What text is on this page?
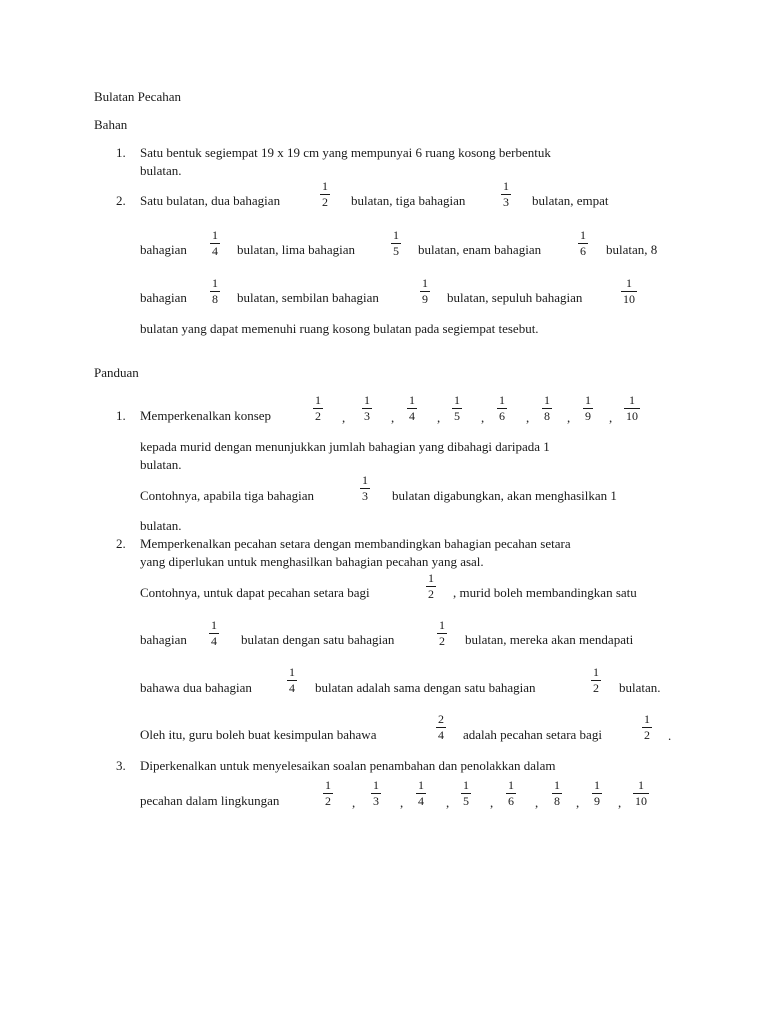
Bulatan Pecahan
Bahan
1. Satu bentuk segiempat 19 x 19 cm yang mempunyai 6 ruang kosong berbentuk
bulatan.
2. Satu bulatan, dua bahagian
1
2 bulatan, tiga bahagian
1
3 bulatan, empat
bahagian
1
4 bulatan, lima bahagian
1
5 bulatan, enam bahagian
1
6 bulatan, 8
bahagian
1
8 bulatan, sembilan bahagian
1
9 bulatan, sepuluh bahagian
1
10
bulatan yang dapat memenuhi ruang kosong bulatan pada segiempat tesebut.
Panduan
1. Memperkenalkan konsep
1
2 ,
1
3 ,
1
4 ,
1
5 ,
1
6 ,
1
8 ,
1
9 ,
1
10
kepada murid dengan menunjukkan jumlah bahagian yang dibahagi daripada 1
bulatan.
Contohnya, apabila tiga bahagian
1
3 bulatan digabungkan, akan menghasilkan 1
bulatan.
2. Memperkenalkan pecahan setara dengan membandingkan bahagian pecahan setara
yang diperlukan untuk menghasilkan bahagian pecahan yang asal.
Contohnya, untuk dapat pecahan setara bagi
1
2 , murid boleh membandingkan satu
bahagian
1
4 bulatan dengan satu bahagian
1
2 bulatan, mereka akan mendapati
bahawa dua bahagian
1
4 bulatan adalah sama dengan satu bahagian
1
2 bulatan.
Oleh itu, guru boleh buat kesimpulan bahawa
2
4 adalah pecahan setara bagi
1
2 .
3. Diperkenalkan untuk menyelesaikan soalan penambahan dan penolakkan dalam
pecahan dalam lingkungan
1
2 ,
1
3 ,
1
4 ,
1
5 ,
1
6 ,
1
8 ,
1
9 ,
1
10
